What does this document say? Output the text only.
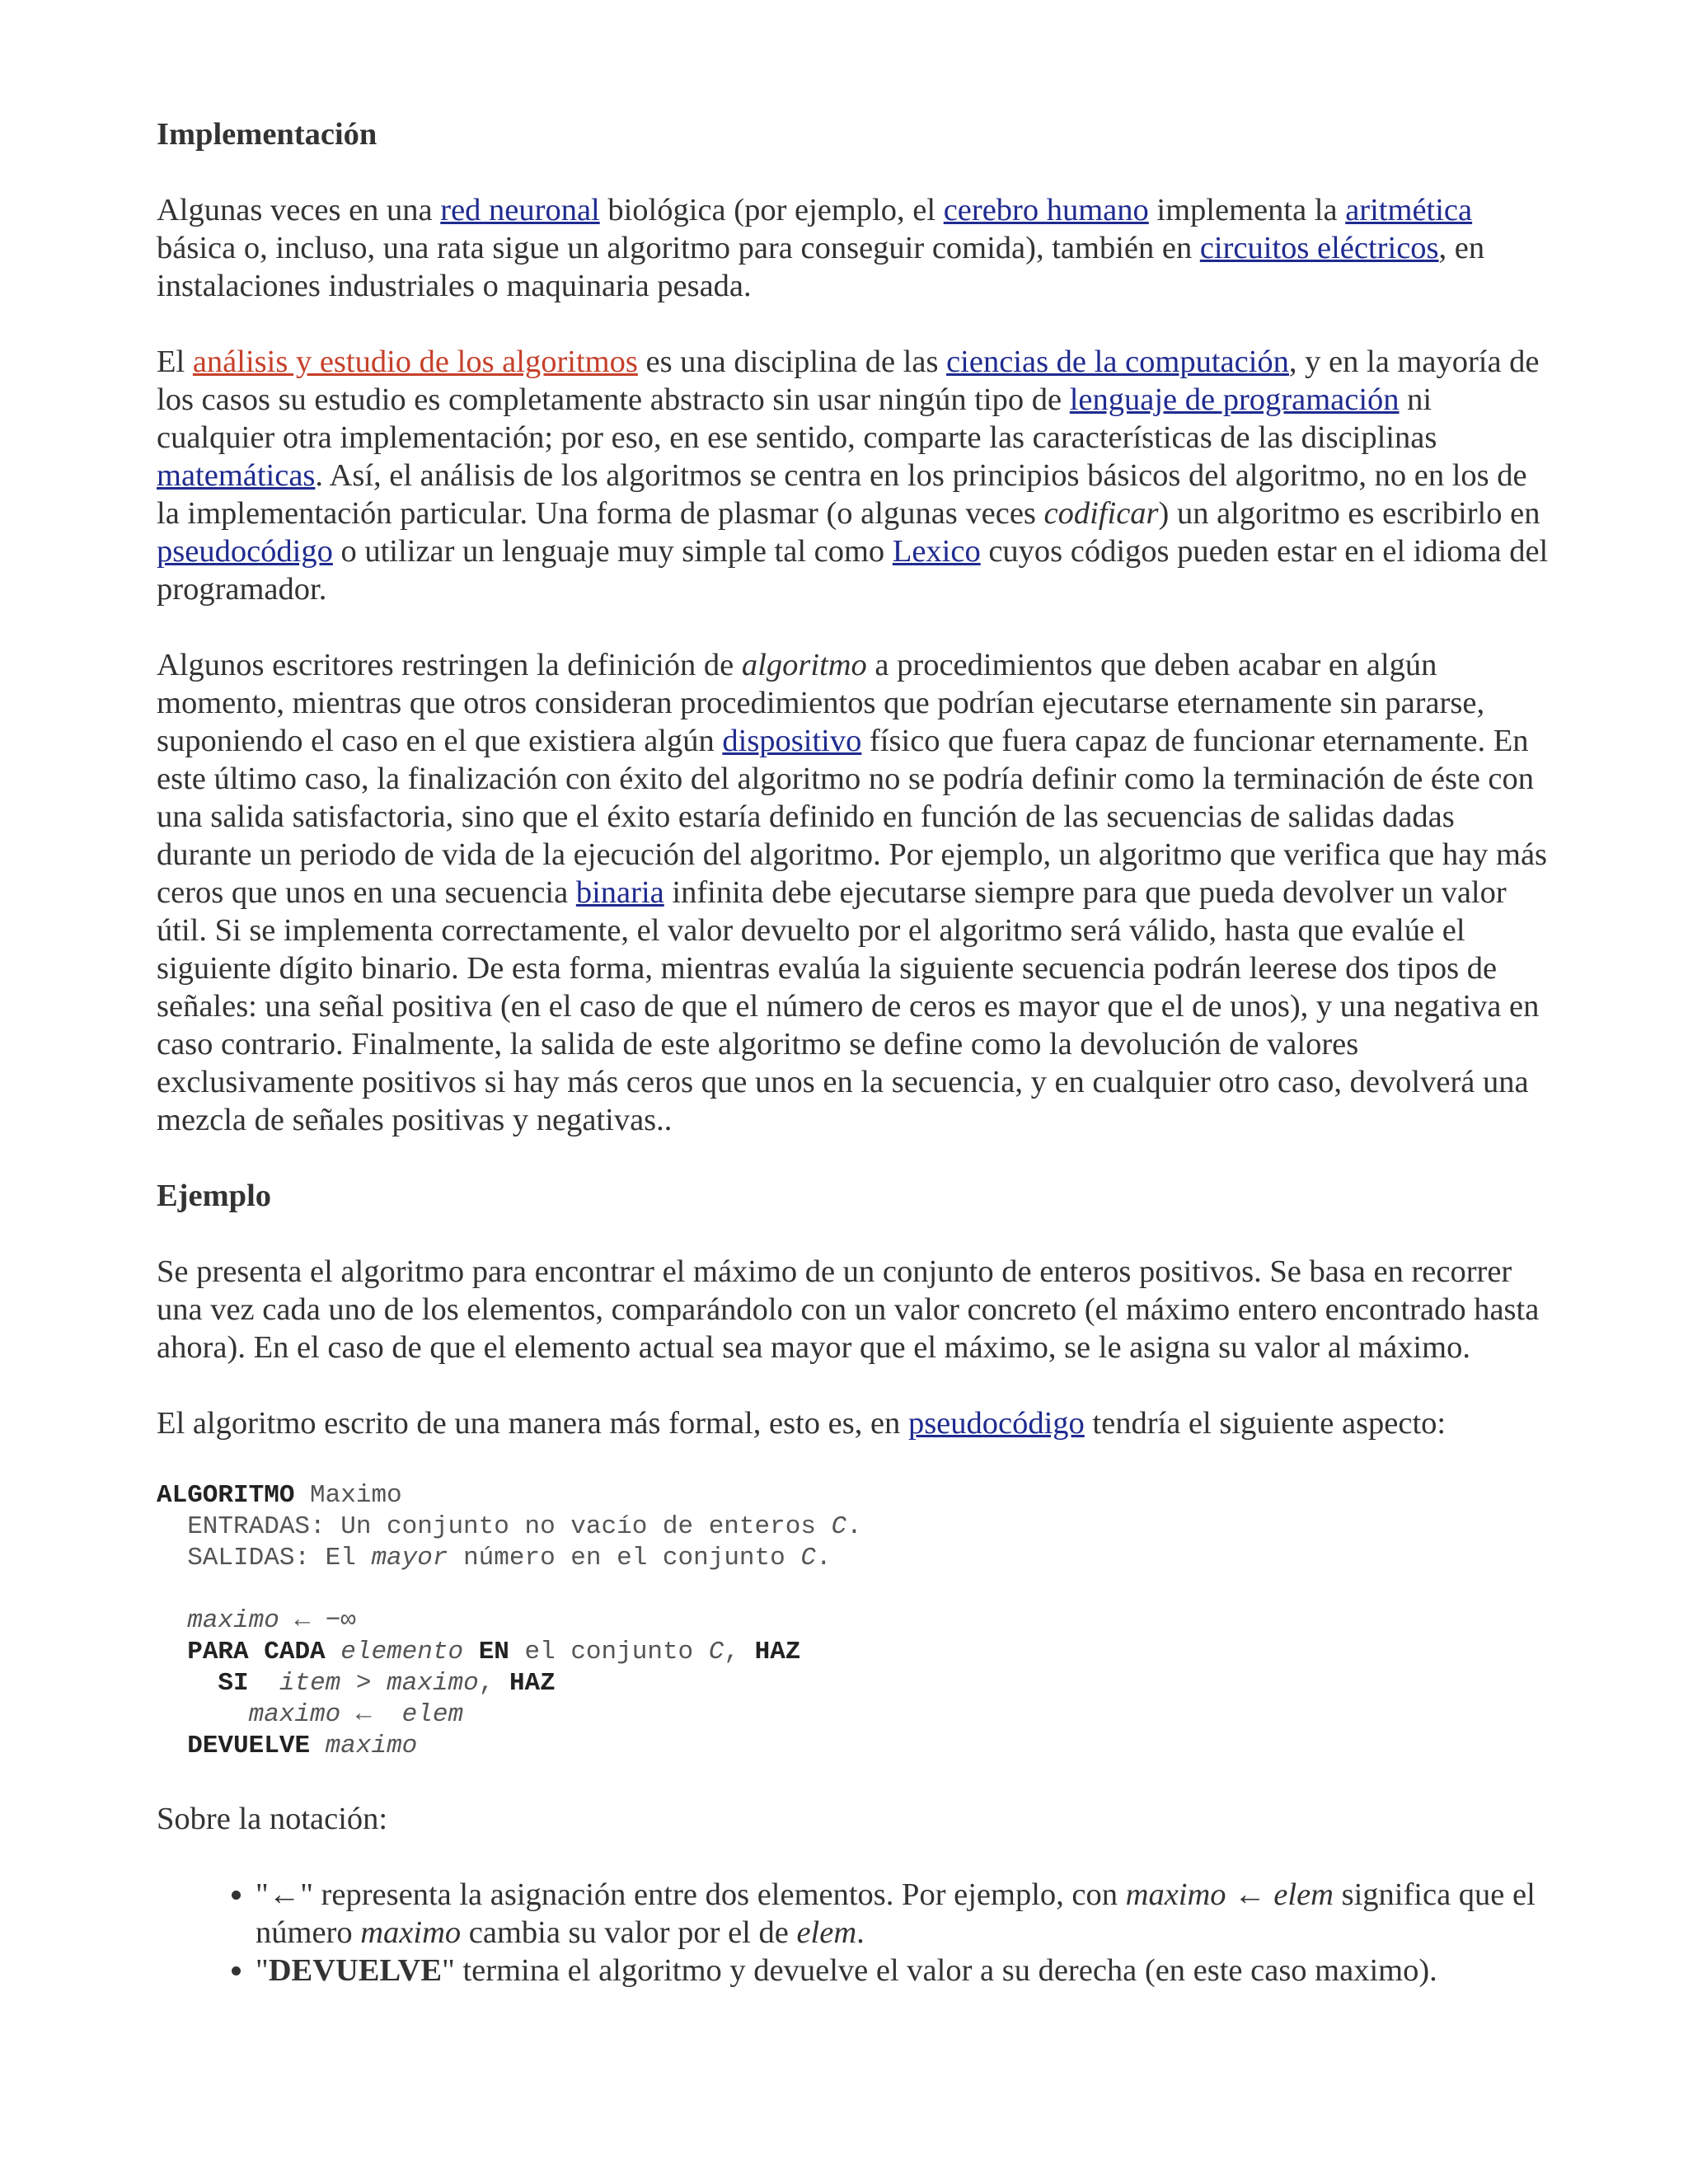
Implementación

Algunas veces en una red neuronal biológica (por ejemplo, el cerebro humano implementa la aritmética básica o, incluso, una rata sigue un algoritmo para conseguir comida), también en circuitos eléctricos, en instalaciones industriales o maquinaria pesada.

El análisis y estudio de los algoritmos es una disciplina de las ciencias de la computación, y en la mayoría de los casos su estudio es completamente abstracto sin usar ningún tipo de lenguaje de programación ni cualquier otra implementación; por eso, en ese sentido, comparte las características de las disciplinas matemáticas. Así, el análisis de los algoritmos se centra en los principios básicos del algoritmo, no en los de la implementación particular. Una forma de plasmar (o algunas veces codificar) un algoritmo es escribirlo en pseudocódigo o utilizar un lenguaje muy simple tal como Lexico cuyos códigos pueden estar en el idioma del programador.

Algunos escritores restringen la definición de algoritmo a procedimientos que deben acabar en algún momento, mientras que otros consideran procedimientos que podrían ejecutarse eternamente sin pararse, suponiendo el caso en el que existiera algún dispositivo físico que fuera capaz de funcionar eternamente. En este último caso, la finalización con éxito del algoritmo no se podría definir como la terminación de éste con una salida satisfactoria, sino que el éxito estaría definido en función de las secuencias de salidas dadas durante un periodo de vida de la ejecución del algoritmo. Por ejemplo, un algoritmo que verifica que hay más ceros que unos en una secuencia binaria infinita debe ejecutarse siempre para que pueda devolver un valor útil. Si se implementa correctamente, el valor devuelto por el algoritmo será válido, hasta que evalúe el siguiente dígito binario. De esta forma, mientras evalúa la siguiente secuencia podrán leerese dos tipos de señales: una señal positiva (en el caso de que el número de ceros es mayor que el de unos), y una negativa en caso contrario. Finalmente, la salida de este algoritmo se define como la devolución de valores exclusivamente positivos si hay más ceros que unos en la secuencia, y en cualquier otro caso, devolverá una mezcla de señales positivas y negativas..

Ejemplo

Se presenta el algoritmo para encontrar el máximo de un conjunto de enteros positivos. Se basa en recorrer una vez cada uno de los elementos, comparándolo con un valor concreto (el máximo entero encontrado hasta ahora). En el caso de que el elemento actual sea mayor que el máximo, se le asigna su valor al máximo.

El algoritmo escrito de una manera más formal, esto es, en pseudocódigo tendría el siguiente aspecto:

ALGORITMO Maximo
ENTRADAS: Un conjunto no vacío de enteros C.
SALIDAS: El mayor número en el conjunto C.

maximo ← −∞
PARA CADA elemento EN el conjunto C, HAZ
SI item > maximo, HAZ
maximo ←  elem
DEVUELVE maximo

Sobre la notación:

• "←" representa la asignación entre dos elementos. Por ejemplo, con maximo ← elem significa que el número maximo cambia su valor por el de elem.
• "DEVUELVE" termina el algoritmo y devuelve el valor a su derecha (en este caso maximo).
